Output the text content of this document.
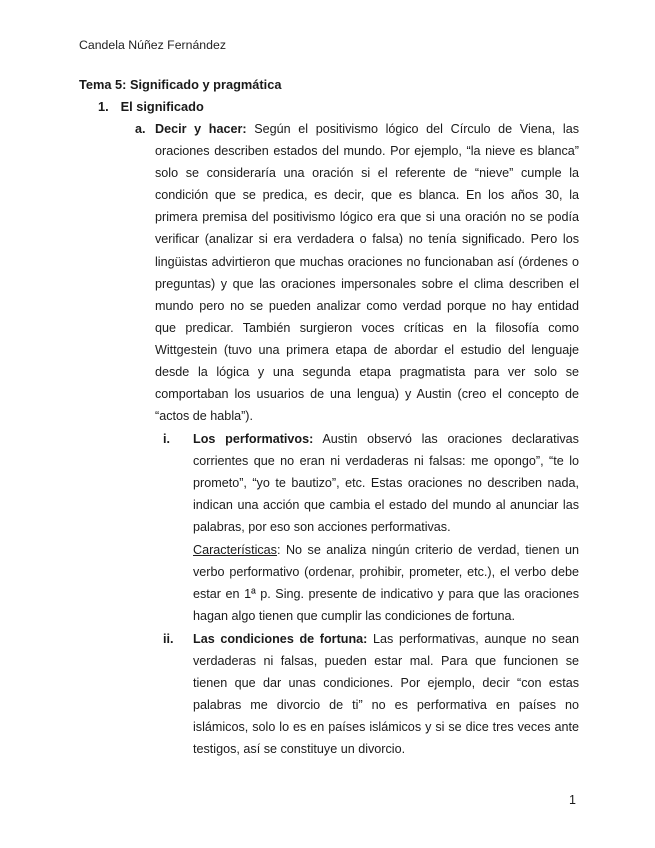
Candela Núñez Fernández
Tema 5: Significado y pragmática
1. El significado
a. Decir y hacer: Según el positivismo lógico del Círculo de Viena, las oraciones describen estados del mundo. Por ejemplo, “la nieve es blanca” solo se consideraría una oración si el referente de “nieve” cumple la condición que se predica, es decir, que es blanca. En los años 30, la primera premisa del positivismo lógico era que si una oración no se podía verificar (analizar si era verdadera o falsa) no tenía significado. Pero los lingüistas advirtieron que muchas oraciones no funcionaban así (órdenes o preguntas) y que las oraciones impersonales sobre el clima describen el mundo pero no se pueden analizar como verdad porque no hay entidad que predicar. También surgieron voces críticas en la filosofía como Wittgestein (tuvo una primera etapa de abordar el estudio del lenguaje desde la lógica y una segunda etapa pragmatista para ver solo se comportaban los usuarios de una lengua) y Austin (creo el concepto de “actos de habla”).

i. Los performativos: Austin observó las oraciones declarativas corrientes que no eran ni verdaderas ni falsas: me opongo”, “te lo prometo”, “yo te bautizo”, etc. Estas oraciones no describen nada, indican una acción que cambia el estado del mundo al anunciar las palabras, por eso son acciones performativas.

Características: No se analiza ningún criterio de verdad, tienen un verbo performativo (ordenar, prohibir, prometer, etc.), el verbo debe estar en 1ª p. Sing. presente de indicativo y para que las oraciones hagan algo tienen que cumplir las condiciones de fortuna.

ii. Las condiciones de fortuna: Las performativas, aunque no sean verdaderas ni falsas, pueden estar mal. Para que funcionen se tienen que dar unas condiciones. Por ejemplo, decir “con estas palabras me divorcio de ti” no es performativa en países no islámicos, solo lo es en países islámicos y si se dice tres veces ante testigos, así se constituye un divorcio.

1
